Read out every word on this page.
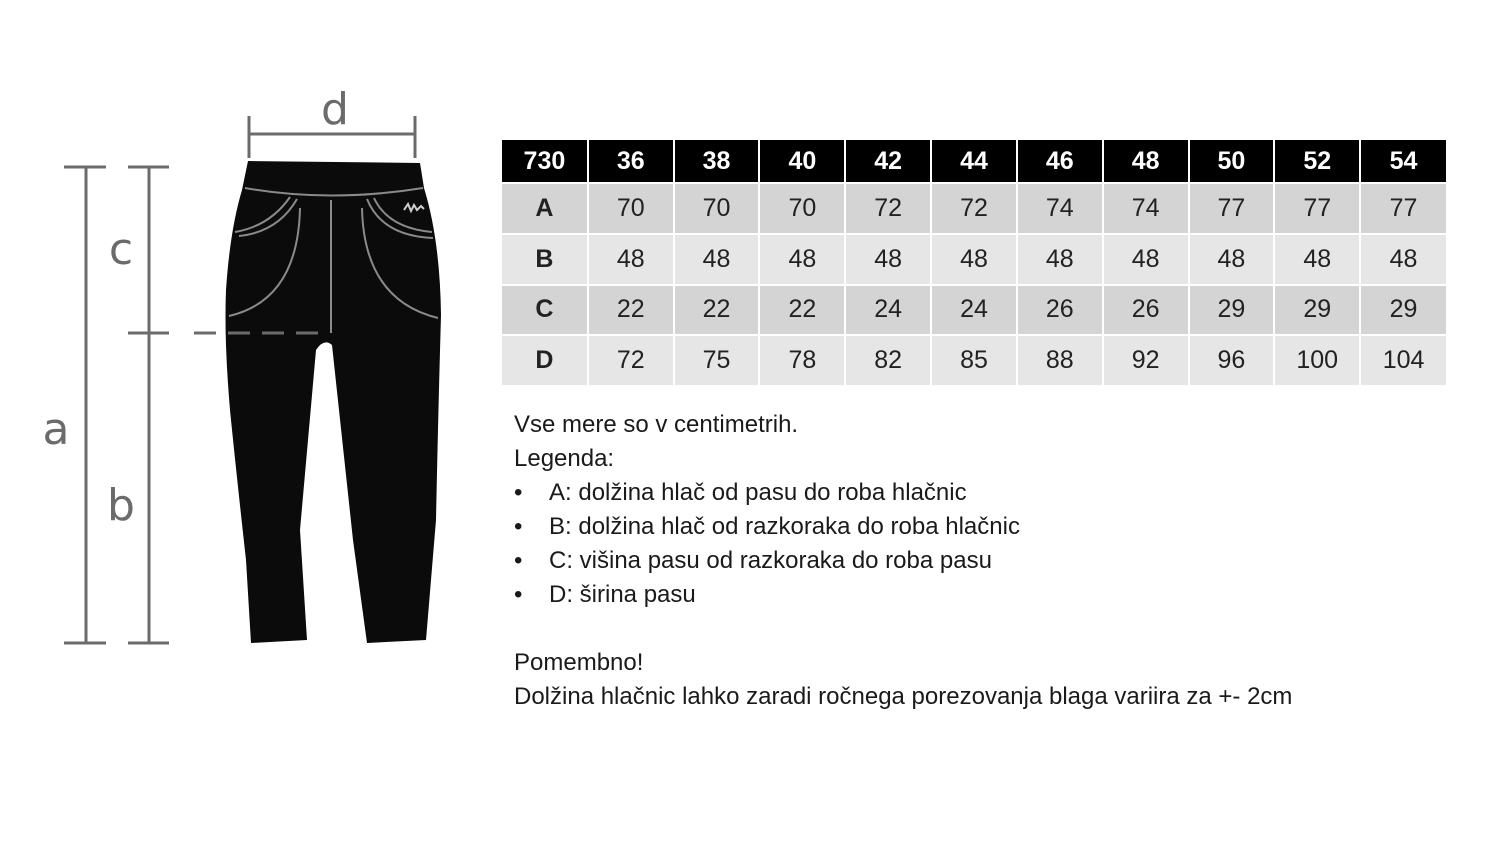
d
a
c
b
730	36	38	40	42	44	46	48	50	52	54
A	70	70	70	72	72	74	74	77	77	77
B	48	48	48	48	48	48	48	48	48	48
C	22	22	22	24	24	26	26	29	29	29
D	72	75	78	82	85	88	92	96	100	104

Vse mere so v centimetrih.

Legenda:

• A: dolžina hlač od pasu do roba hlačnic
• B: dolžina hlač od razkoraka do roba hlačnic
• C: višina pasu od razkoraka do roba pasu
• D: širina pasu

Pomembno!

Dolžina hlačnic lahko zaradi ročnega porezovanja blaga variira za +- 2cm
